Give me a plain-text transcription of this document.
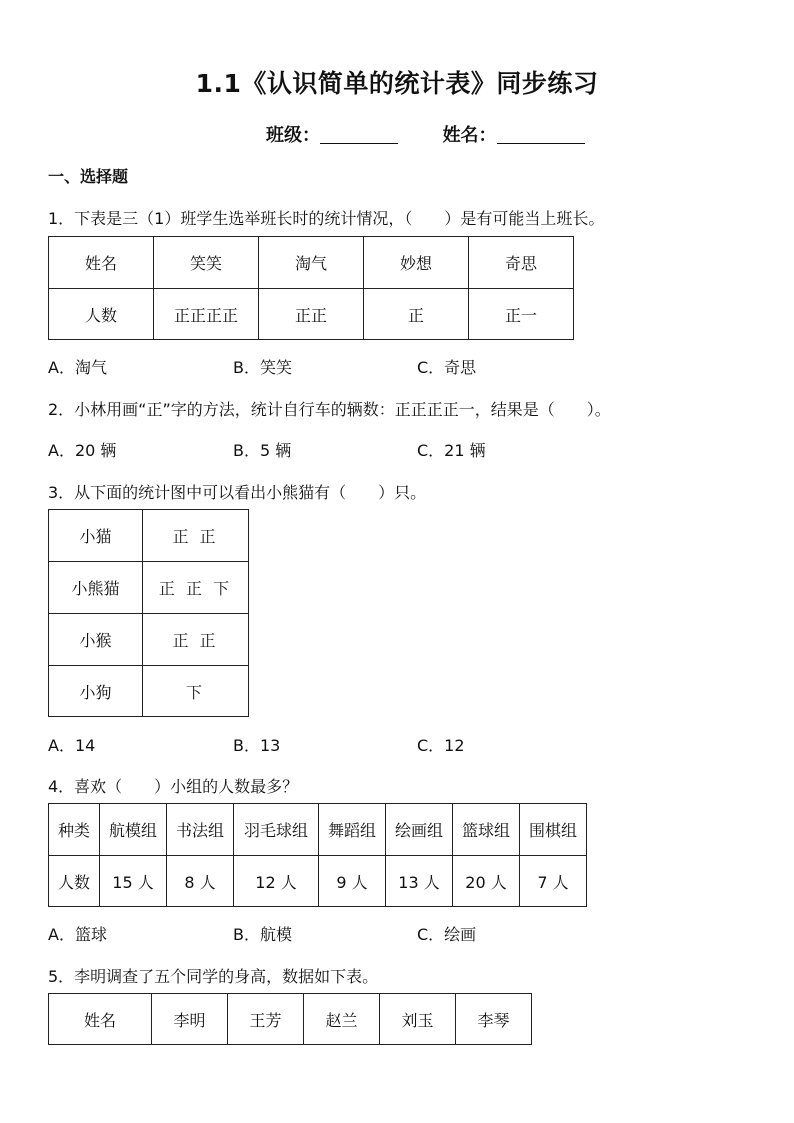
1.1《认识简单的统计表》同步练习
班级：	姓名：
一、选择题
1．下表是三（1）班学生选举班长时的统计情况，（　　）是有可能当上班长。
姓名	笑笑	淘气	妙想	奇思
人数	正正正正	正正	正	正一
A．淘气	B．笑笑	C．奇思
2．小林用画“正”字的方法，统计自行车的辆数：正正正正一，结果是（　　）。
A．20 辆	B．5 辆	C．21 辆
3．从下面的统计图中可以看出小熊猫有（　　）只。
小猫	正 正
小熊猫	正 正 下
小猴	正 正
小狗	下
A．14	B．13	C．12
4．喜欢（　　）小组的人数最多？
种类	航模组	书法组	羽毛球组	舞蹈组	绘画组	篮球组	围棋组
人数	15 人	8 人	12 人	9 人	13 人	20 人	7 人
A．篮球	B．航模	C．绘画
5．李明调查了五个同学的身高，数据如下表。
姓名	李明	王芳	赵兰	刘玉	李琴
